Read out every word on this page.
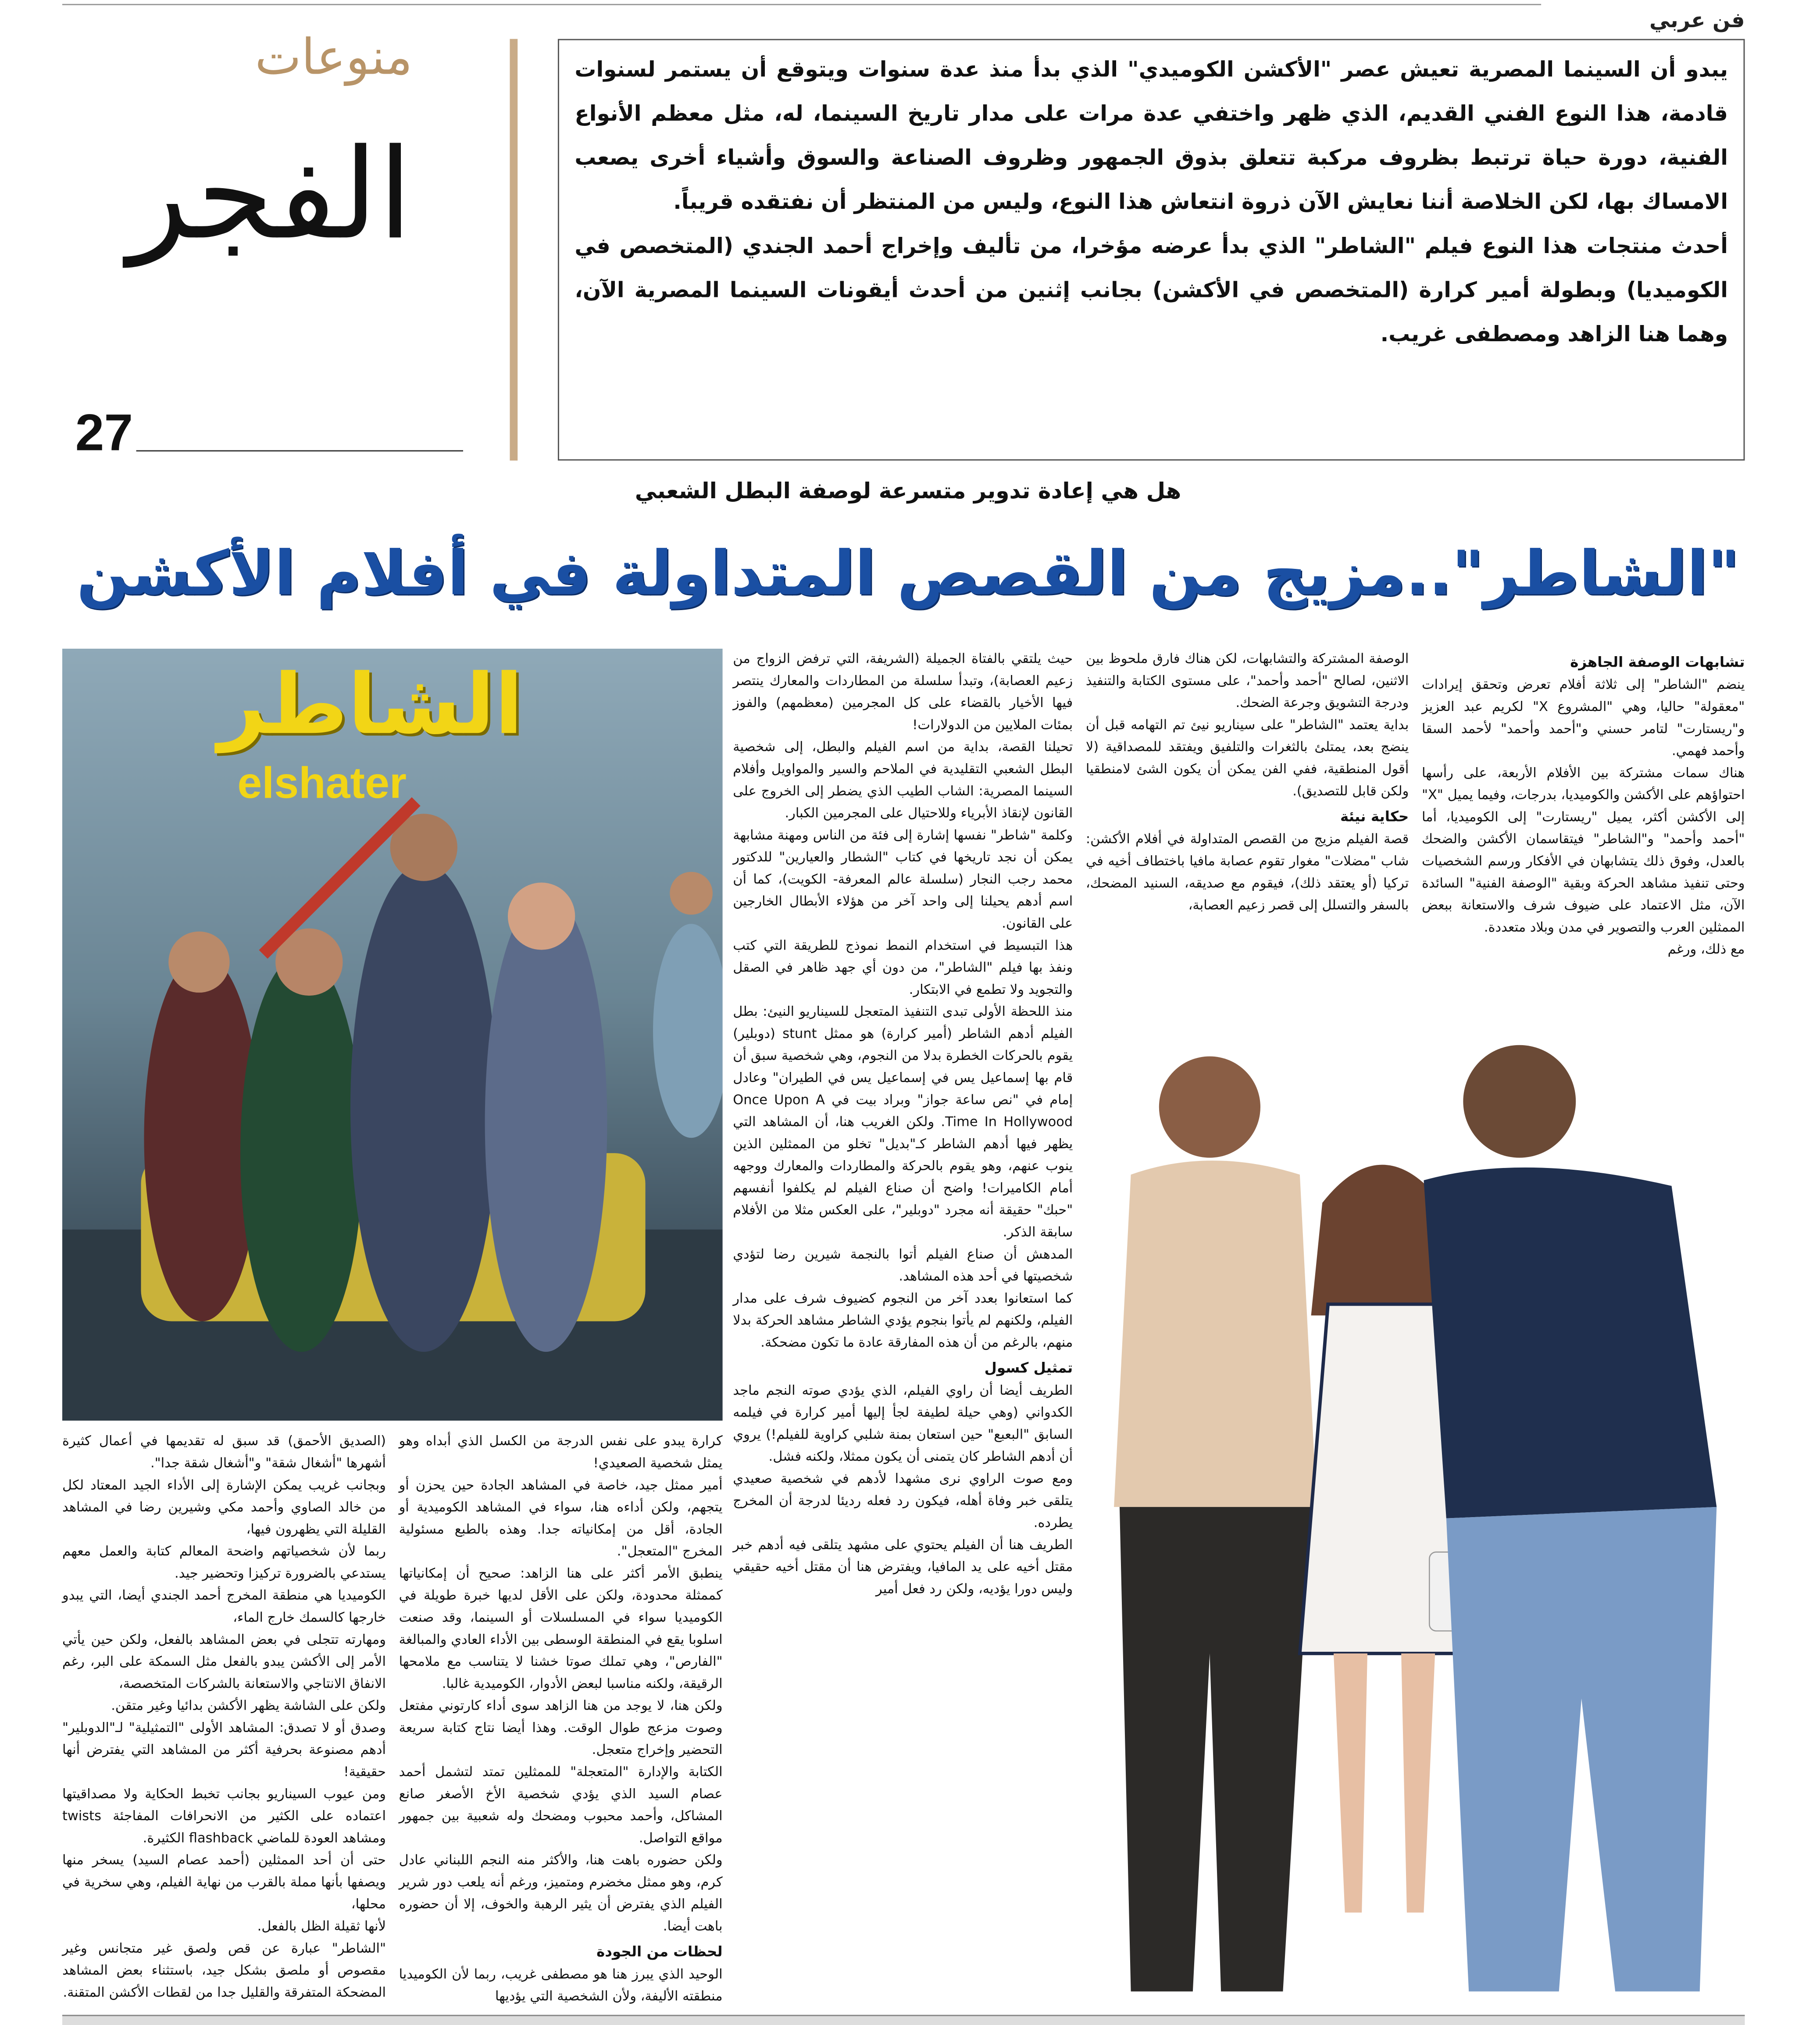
فن عربي
منوعات
الفجر
27

يبدو أن السينما المصرية تعيش عصر "الأكشن الكوميدي" الذي بدأ منذ عدة سنوات ويتوقع أن يستمر لسنوات قادمة، هذا النوع الفني القديم، الذي ظهر واختفي عدة مرات على مدار تاريخ السينما، له، مثل معظم الأنواع الفنية، دورة حياة ترتبط بظروف مركبة تتعلق بذوق الجمهور وظروف الصناعة والسوق وأشياء أخرى يصعب الامساك بها، لكن الخلاصة أننا نعايش الآن ذروة انتعاش هذا النوع، وليس من المنتظر أن نفتقده قريباً.

أحدث منتجات هذا النوع فيلم "الشاطر" الذي بدأ عرضه مؤخرا، من تأليف وإخراج أحمد الجندي (المتخصص في الكوميديا) وبطولة أمير كرارة (المتخصص في الأكشن) بجانب إثنين من أحدث أيقونات السينما المصرية الآن، وهما هنا الزاهد ومصطفى غريب.

هل هي إعادة تدوير متسرعة لوصفة البطل الشعبي
"الشاطر"..مزيج من القصص المتداولة في أفلام الأكشن
الشاطر
elshater

كرارة يبدو على نفس الدرجة من الكسل الذي أبداه وهو يمثل شخصية الصعيدي!

أمير ممثل جيد، خاصة في المشاهد الجادة حين يحزن أو يتجهم، ولكن أداءه هنا، سواء في المشاهد الكوميدية أو الجادة، أقل من إمكانياته جدا. وهذه بالطبع مسئولية المخرج "المتعجل".

ينطبق الأمر أكثر على هنا الزاهد: صحيح أن إمكانياتها كممثلة محدودة، ولكن على الأقل لديها خبرة طويلة في الكوميديا سواء في المسلسلات أو السينما، وقد صنعت اسلوبا يقع في المنطقة الوسطى بين الأداء العادي والمبالغة "الفارص"، وهي تملك صوتا خشنا لا يتناسب مع ملامحها الرقيقة، ولكنه مناسبا لبعض الأدوار، الكوميدية غالبا.

ولكن هنا، لا يوجد من هنا الزاهد سوى أداء كارتوني مفتعل وصوت مزعج طوال الوقت. وهذا أيضا نتاج كتابة سريعة التحضير وإخراج متعجل.

الكتابة والإدارة "المتعجلة" للممثلين تمتد لتشمل أحمد عصام السيد الذي يؤدي شخصية الأخ الأصغر صانع المشاكل، وأحمد محبوب ومضحك وله شعبية بين جمهور مواقع التواصل.

ولكن حضوره باهت هنا، والأكثر منه النجم اللبناني عادل كرم، وهو ممثل مخضرم ومتميز، ورغم أنه يلعب دور شرير الفيلم الذي يفترض أن يثير الرهبة والخوف، إلا أن حضوره باهت أيضا.

لحظات من الجودة

الوحيد الذي يبرز هنا هو مصطفى غريب، ربما لأن الكوميديا منطقته الأليفة، ولأن الشخصية التي يؤديها

(الصديق الأحمق) قد سبق له تقديمها في أعمال كثيرة أشهرها "أشغال شقة" و"أشغال شقة جدا".

وبجانب غريب يمكن الإشارة إلى الأداء الجيد المعتاد لكل من خالد الصاوي وأحمد مكي وشيرين رضا في المشاهد القليلة التي يظهرون فيها،

ربما لأن شخصياتهم واضحة المعالم كتابة والعمل معهم يستدعي بالضرورة تركيزا وتحضير جيد.

الكوميديا هي منطقة المخرج أحمد الجندي أيضا، التي يبدو خارجها كالسمك خارج الماء،

ومهارته تتجلى في بعض المشاهد بالفعل، ولكن حين يأتي الأمر إلى الأكشن يبدو بالفعل مثل السمكة على البر، رغم الانفاق الانتاجي والاستعانة بالشركات المتخصصة،

ولكن على الشاشة يظهر الأكشن بدائيا وغير متقن.

وصدق أو لا تصدق: المشاهد الأولى "التمثيلية" لـ"الدوبلير" أدهم مصنوعة بحرفية أكثر من المشاهد التي يفترض أنها حقيقية!

ومن عيوب السيناريو بجانب تخبط الحكاية ولا مصداقيتها اعتماده على الكثير من الانحرافات المفاجئة twists ومشاهد العودة للماضي flashback الكثيرة.

حتى أن أحد الممثلين (أحمد عصام السيد) يسخر منها ويصفها بأنها مملة بالقرب من نهاية الفيلم، وهي سخرية في محلها،

لأنها ثقيلة الظل بالفعل.

"الشاطر" عبارة عن قص ولصق غير متجانس وغير مقصوص أو ملصق بشكل جيد، باستثناء بعض المشاهد المضحكة المتفرقة والقليل جدا من لقطات الأكشن المتقنة.

حيث يلتقي بالفتاة الجميلة (الشريفة، التي ترفض الزواج من زعيم العصابة)، وتبدأ سلسلة من المطاردات والمعارك ينتصر فيها الأخيار بالقضاء على كل المجرمين (معظمهم) والفوز بمئات الملايين من الدولارات!

تحيلنا القصة، بداية من اسم الفيلم والبطل، إلى شخصية البطل الشعبي التقليدية في الملاحم والسير والمواويل وأفلام السينما المصرية: الشاب الطيب الذي يضطر إلى الخروج على القانون لإنقاذ الأبرياء وللاحتيال على المجرمين الكبار.

وكلمة "شاطر" نفسها إشارة إلى فئة من الناس ومهنة مشابهة يمكن أن نجد تاريخها في كتاب "الشطار والعيارين" للدكتور محمد رجب النجار (سلسلة عالم المعرفة- الكويت)، كما أن اسم أدهم يحيلنا إلى واحد آخر من هؤلاء الأبطال الخارجين على القانون.

هذا التبسيط في استخدام النمط نموذج للطريقة التي كتب ونفذ بها فيلم "الشاطر"، من دون أي جهد ظاهر في الصقل والتجويد ولا تطمع في الابتكار.

منذ اللحظة الأولى تبدى التنفيذ المتعجل للسيناريو النيئ: بطل الفيلم أدهم الشاطر (أمير كرارة) هو ممثل stunt (دوبلير) يقوم بالحركات الخطرة بدلا من النجوم، وهي شخصية سبق أن قام بها إسماعيل يس في إسماعيل يس في الطيران" وعادل إمام في "نص ساعة جواز" وبراد بيت في Once Upon A Time In Hollywood. ولكن الغريب هنا، أن المشاهد التي يظهر فيها أدهم الشاطر كـ"بديل" تخلو من الممثلين الذين ينوب عنهم، وهو يقوم بالحركة والمطاردات والمعارك ووجهه أمام الكاميرات! واضح أن صناع الفيلم لم يكلفوا أنفسهم "حبك" حقيقة أنه مجرد "دوبلير"، على العكس مثلا من الأفلام سابقة الذكر.

المدهش أن صناع الفيلم أتوا بالنجمة شيرين رضا لتؤدي شخصيتها في أحد هذه المشاهد.

كما استعانوا بعدد آخر من النجوم كضيوف شرف على مدار الفيلم، ولكنهم لم يأتوا بنجوم يؤدي الشاطر مشاهد الحركة بدلا منهم، بالرغم من أن هذه المفارقة عادة ما تكون مضحكة.

تمثيل كسول

الطريف أيضا أن راوي الفيلم، الذي يؤدي صوته النجم ماجد الكدواني (وهي حيلة لطيفة لجأ إليها أمير كرارة في فيلمه السابق "البعبع" حين استعان بمنة شلبي كراوية للفيلم!) يروي أن أدهم الشاطر كان يتمنى أن يكون ممثلا، ولكنه فشل.

ومع صوت الراوي نرى مشهدا لأدهم في شخصية صعيدي يتلقى خبر وفاة أهله، فيكون رد فعله رديئا لدرجة أن المخرج يطرده.

الطريف هنا أن الفيلم يحتوي على مشهد يتلقى فيه أدهم خبر مقتل أخيه على يد المافيا، ويفترض هنا أن مقتل أخيه حقيقي وليس دورا يؤديه، ولكن رد فعل أمير

تشابهات الوصفة الجاهزة

ينضم "الشاطر" إلى ثلاثة أفلام تعرض وتحقق إيرادات "معقولة" حاليا، وهي "المشروع X" لكريم عبد العزيز و"ريستارت" لتامر حسني و"أحمد وأحمد" لأحمد السقا وأحمد فهمي.

هناك سمات مشتركة بين الأفلام الأربعة، على رأسها احتواؤهم على الأكشن والكوميديا، بدرجات، وفيما يميل "X" إلى الأكشن أكثر، يميل "ريستارت" إلى الكوميديا، أما "أحمد وأحمد" و"الشاطر" فيتقاسمان الأكشن والضحك بالعدل، وفوق ذلك يتشابهان في الأفكار ورسم الشخصيات وحتى تنفيذ مشاهد الحركة وبقية "الوصفة الفنية" السائدة الآن، مثل الاعتماد على ضيوف شرف والاستعانة ببعض الممثلين العرب والتصوير في مدن وبلاد متعددة.

مع ذلك، ورغم

الوصفة المشتركة والتشابهات، لكن هناك فارق ملحوظ بين الاثنين، لصالح "أحمد وأحمد"، على مستوى الكتابة والتنفيذ ودرجة التشويق وجرعة الضحك.

بداية يعتمد "الشاطر" على سيناريو نيئ تم التهامه قبل أن ينضج بعد، يمتلئ بالثغرات والتلفيق ويفتقد للمصداقية (لا أقول المنطقية، ففي الفن يمكن أن يكون الشئ لامنطقيا ولكن قابل للتصديق).

حكاية نيئة

قصة الفيلم مزيج من القصص المتداولة في أفلام الأكشن: شاب "مضلات" مغوار تقوم عصابة مافيا باختطاف أخيه في تركيا (أو يعتقد ذلك)، فيقوم مع صديقه، السنيد المضحك، بالسفر والتسلل إلى قصر زعيم العصابة،
